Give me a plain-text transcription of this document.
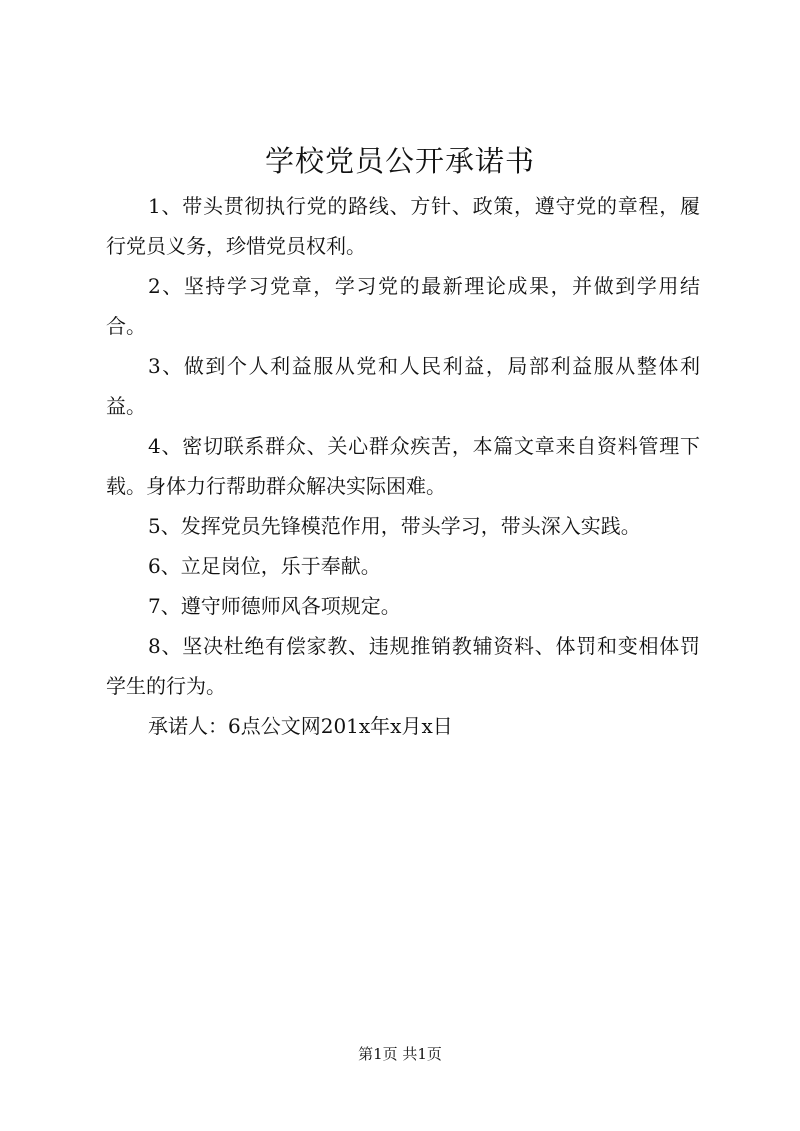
学校党员公开承诺书

1、带头贯彻执行党的路线、方针、政策，遵守党的章程，履行党员义务，珍惜党员权利。

2、坚持学习党章，学习党的最新理论成果，并做到学用结合。

3、做到个人利益服从党和人民利益，局部利益服从整体利益。

4、密切联系群众、关心群众疾苦，本篇文章来自资料管理下载。身体力行帮助群众解决实际困难。

5、发挥党员先锋模范作用，带头学习，带头深入实践。

6、立足岗位，乐于奉献。

7、遵守师德师风各项规定。

8、坚决杜绝有偿家教、违规推销教辅资料、体罚和变相体罚学生的行为。

承诺人：6点公文网201x年x月x日

第1页 共1页
